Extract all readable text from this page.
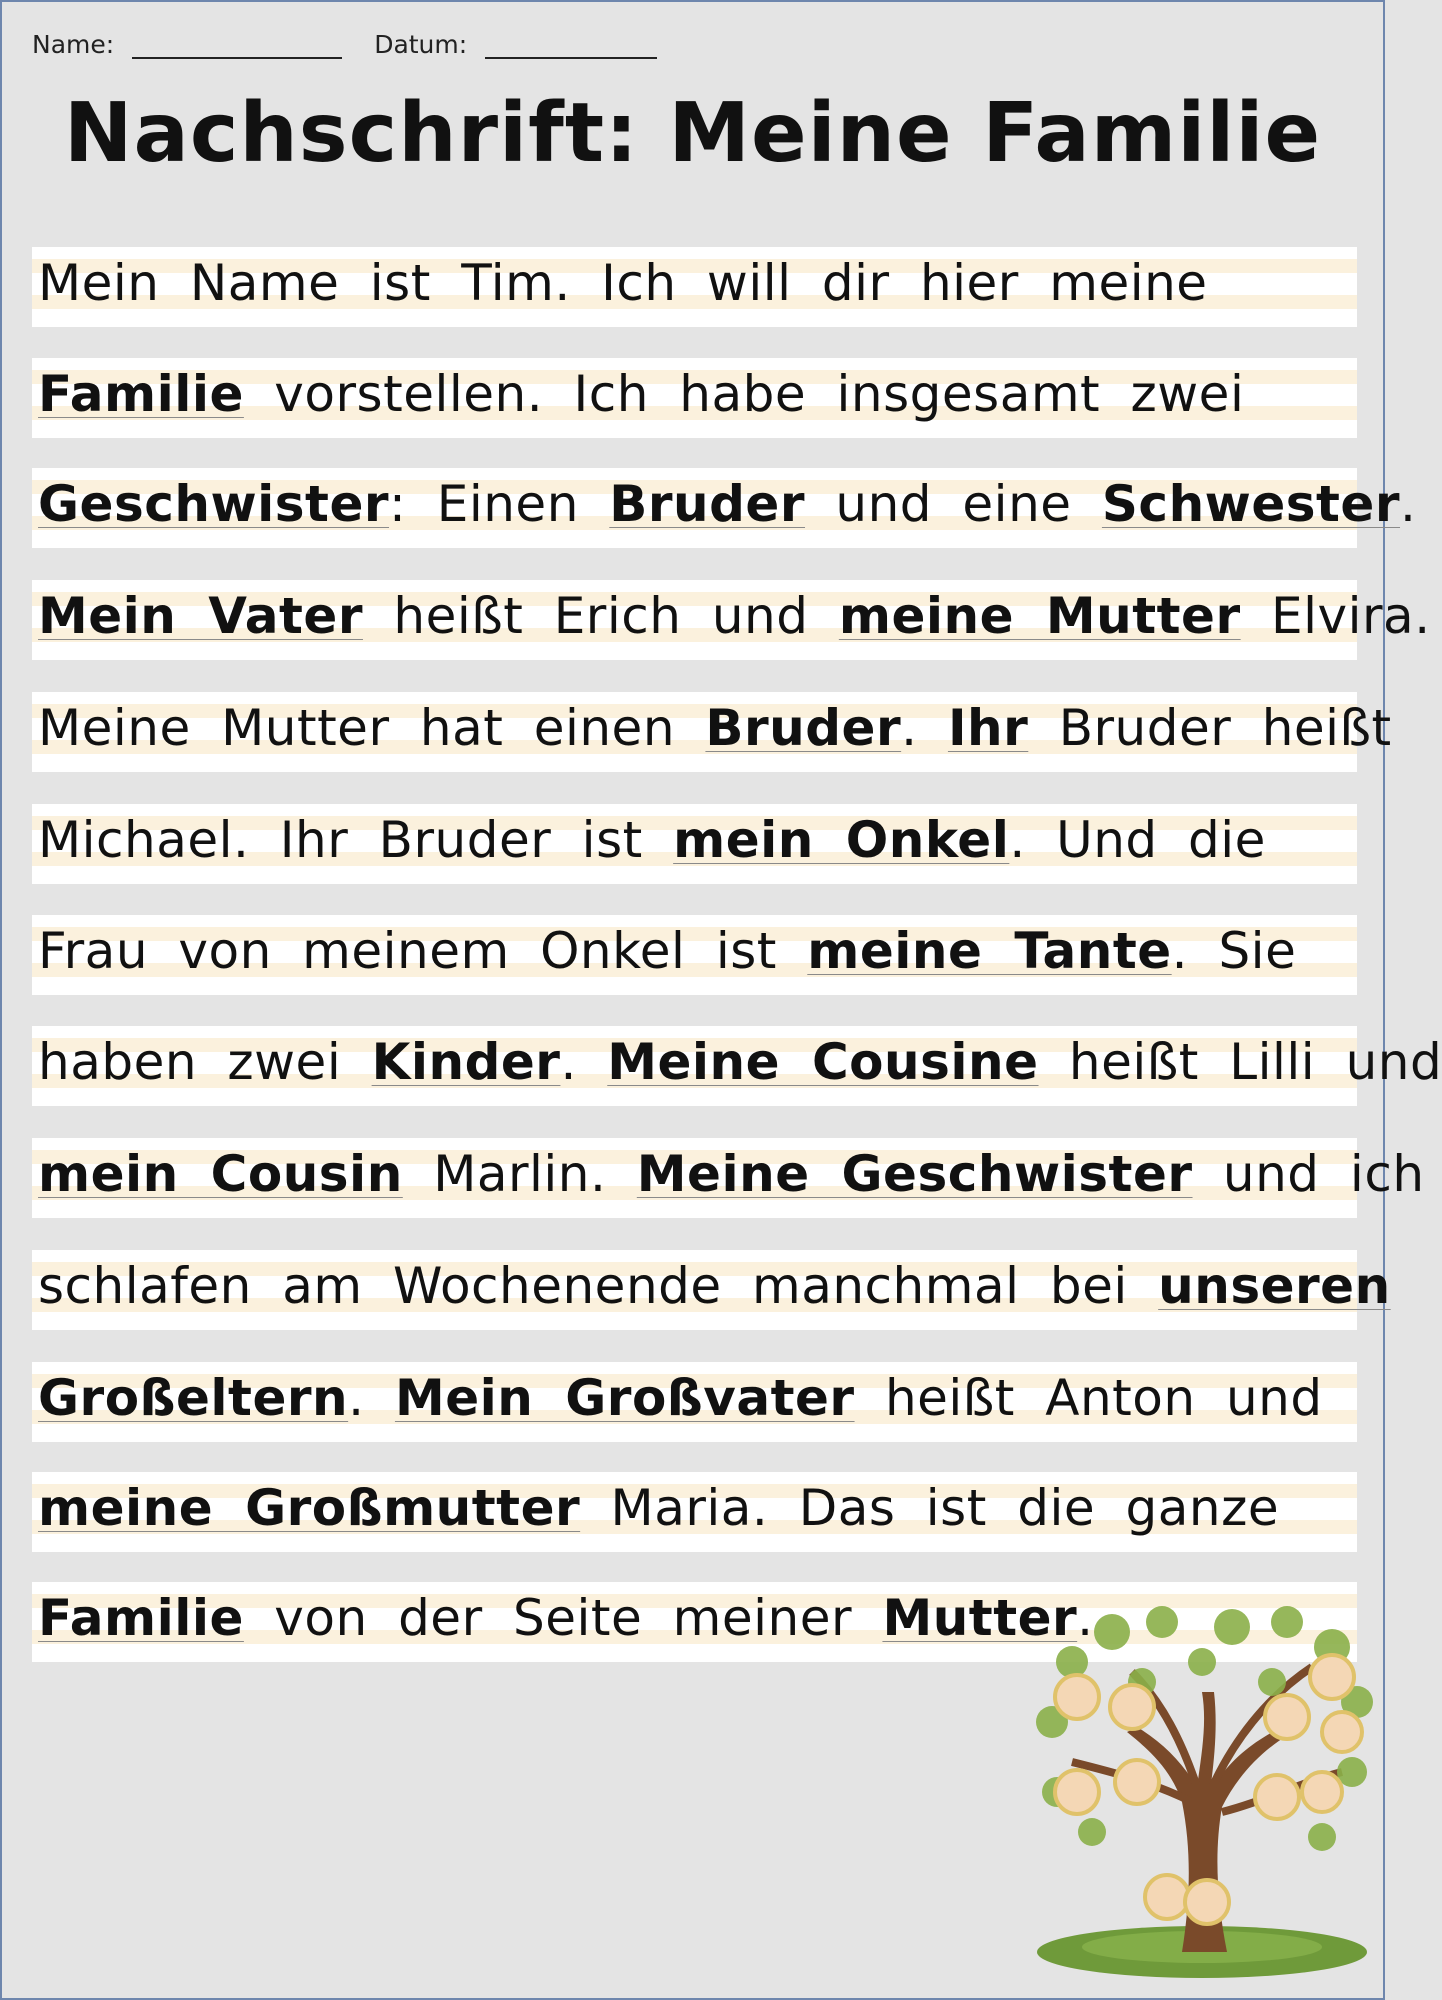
Name:	Datum:
Nachschrift: Meine Familie
Mein Name ist Tim. Ich will dir hier meine
Familie vorstellen. Ich habe insgesamt zwei
Geschwister: Einen Bruder und eine Schwester.
Mein Vater heißt Erich und meine Mutter Elvira.
Meine Mutter hat einen Bruder. Ihr Bruder heißt
Michael. Ihr Bruder ist mein Onkel. Und die
Frau von meinem Onkel ist meine Tante. Sie
haben zwei Kinder. Meine Cousine heißt Lilli und
mein Cousin Marlin. Meine Geschwister und ich
schlafen am Wochenende manchmal bei unseren
Großeltern. Mein Großvater heißt Anton und
meine Großmutter Maria. Das ist die ganze
Familie von der Seite meiner Mutter.
